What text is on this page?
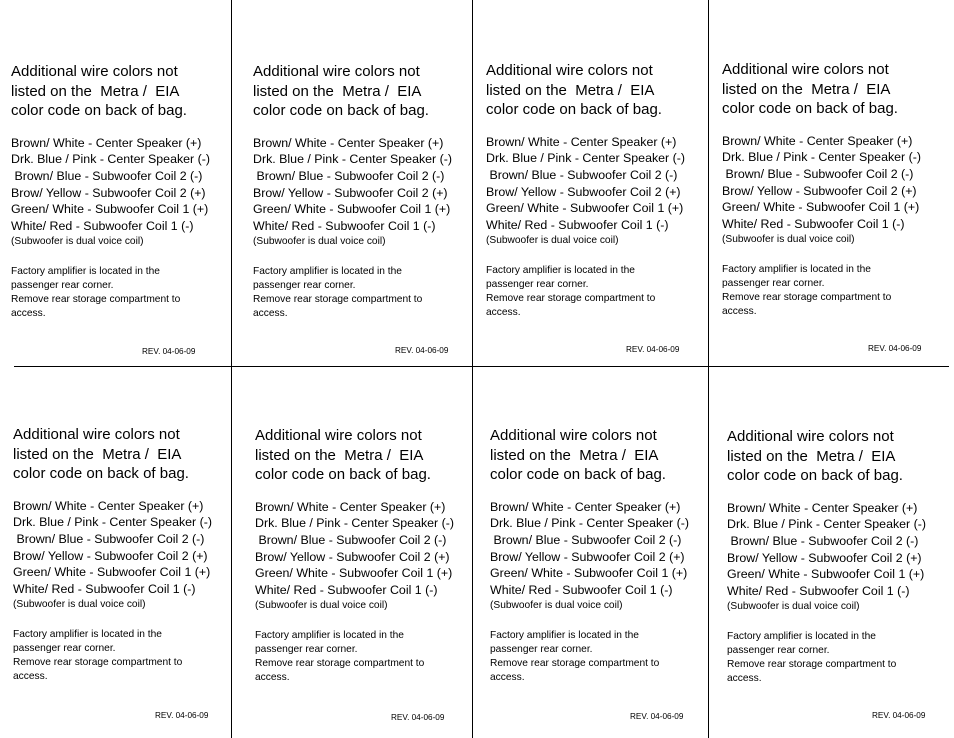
Additional wire colors not
listed on the  Metra /  EIA
color code on back of bag.
Brown/ White - Center Speaker (+)
Drk. Blue / Pink - Center Speaker (-)
Brown/ Blue - Subwoofer Coil 2 (-)
Brow/ Yellow - Subwoofer Coil 2 (+)
Green/ White - Subwoofer Coil 1 (+)
White/ Red - Subwoofer Coil 1 (-)
(Subwoofer is dual voice coil)
Factory amplifier is located in the
passenger rear corner.
Remove rear storage compartment to
access.
REV. 04-06-09
Additional wire colors not
listed on the  Metra /  EIA
color code on back of bag.
Brown/ White - Center Speaker (+)
Drk. Blue / Pink - Center Speaker (-)
Brown/ Blue - Subwoofer Coil 2 (-)
Brow/ Yellow - Subwoofer Coil 2 (+)
Green/ White - Subwoofer Coil 1 (+)
White/ Red - Subwoofer Coil 1 (-)
(Subwoofer is dual voice coil)
Factory amplifier is located in the
passenger rear corner.
Remove rear storage compartment to
access.
REV. 04-06-09
Additional wire colors not
listed on the  Metra /  EIA
color code on back of bag.
Brown/ White - Center Speaker (+)
Drk. Blue / Pink - Center Speaker (-)
Brown/ Blue - Subwoofer Coil 2 (-)
Brow/ Yellow - Subwoofer Coil 2 (+)
Green/ White - Subwoofer Coil 1 (+)
White/ Red - Subwoofer Coil 1 (-)
(Subwoofer is dual voice coil)
Factory amplifier is located in the
passenger rear corner.
Remove rear storage compartment to
access.
REV. 04-06-09
Additional wire colors not
listed on the  Metra /  EIA
color code on back of bag.
Brown/ White - Center Speaker (+)
Drk. Blue / Pink - Center Speaker (-)
Brown/ Blue - Subwoofer Coil 2 (-)
Brow/ Yellow - Subwoofer Coil 2 (+)
Green/ White - Subwoofer Coil 1 (+)
White/ Red - Subwoofer Coil 1 (-)
(Subwoofer is dual voice coil)
Factory amplifier is located in the
passenger rear corner.
Remove rear storage compartment to
access.
REV. 04-06-09
Additional wire colors not
listed on the  Metra /  EIA
color code on back of bag.
Brown/ White - Center Speaker (+)
Drk. Blue / Pink - Center Speaker (-)
Brown/ Blue - Subwoofer Coil 2 (-)
Brow/ Yellow - Subwoofer Coil 2 (+)
Green/ White - Subwoofer Coil 1 (+)
White/ Red - Subwoofer Coil 1 (-)
(Subwoofer is dual voice coil)
Factory amplifier is located in the
passenger rear corner.
Remove rear storage compartment to
access.
REV. 04-06-09
Additional wire colors not
listed on the  Metra /  EIA
color code on back of bag.
Brown/ White - Center Speaker (+)
Drk. Blue / Pink - Center Speaker (-)
Brown/ Blue - Subwoofer Coil 2 (-)
Brow/ Yellow - Subwoofer Coil 2 (+)
Green/ White - Subwoofer Coil 1 (+)
White/ Red - Subwoofer Coil 1 (-)
(Subwoofer is dual voice coil)
Factory amplifier is located in the
passenger rear corner.
Remove rear storage compartment to
access.
REV. 04-06-09
Additional wire colors not
listed on the  Metra /  EIA
color code on back of bag.
Brown/ White - Center Speaker (+)
Drk. Blue / Pink - Center Speaker (-)
Brown/ Blue - Subwoofer Coil 2 (-)
Brow/ Yellow - Subwoofer Coil 2 (+)
Green/ White - Subwoofer Coil 1 (+)
White/ Red - Subwoofer Coil 1 (-)
(Subwoofer is dual voice coil)
Factory amplifier is located in the
passenger rear corner.
Remove rear storage compartment to
access.
REV. 04-06-09
Additional wire colors not
listed on the  Metra /  EIA
color code on back of bag.
Brown/ White - Center Speaker (+)
Drk. Blue / Pink - Center Speaker (-)
Brown/ Blue - Subwoofer Coil 2 (-)
Brow/ Yellow - Subwoofer Coil 2 (+)
Green/ White - Subwoofer Coil 1 (+)
White/ Red - Subwoofer Coil 1 (-)
(Subwoofer is dual voice coil)
Factory amplifier is located in the
passenger rear corner.
Remove rear storage compartment to
access.
REV. 04-06-09
